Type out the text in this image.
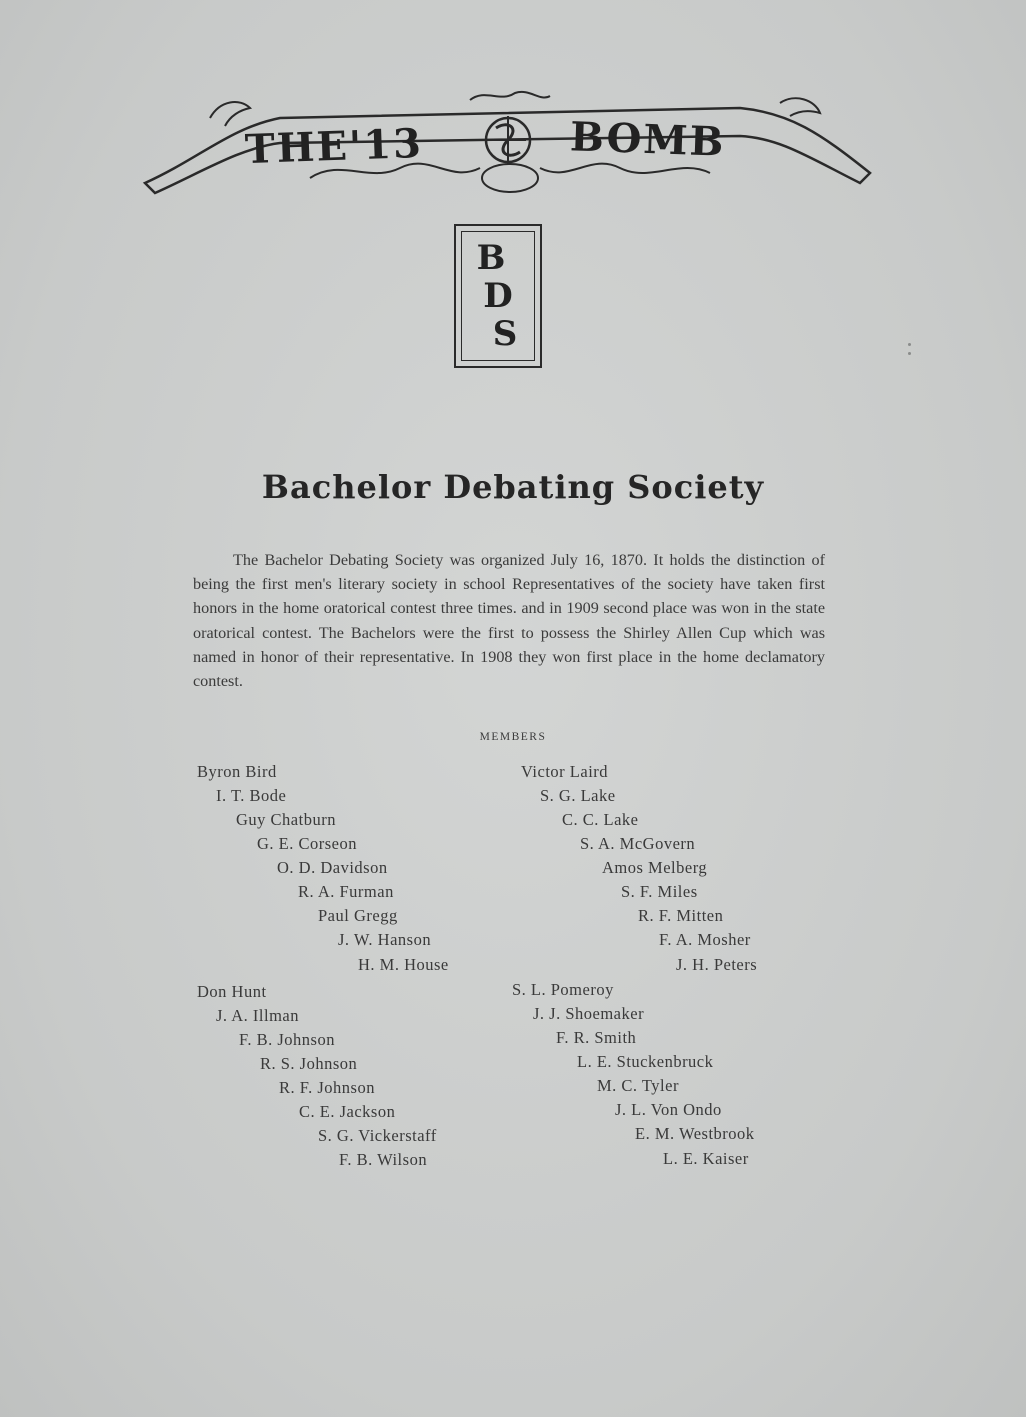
THE'13	BOMB
B
D
S
Bachelor Debating Society
The Bachelor Debating Society was organized July 16, 1870. It holds the distinction of being the first men's literary society in school Representatives of the society have taken first honors in the home oratorical contest three times. and in 1909 second place was won in the state oratorical contest. The Bachelors were the first to possess the Shirley Allen Cup which was named in honor of their representative. In 1908 they won first place in the home declamatory contest.
MEMBERS
Byron Bird
I. T. Bode
Guy Chatburn
G. E. Corseon
O. D. Davidson
R. A. Furman
Paul Gregg
J. W. Hanson
H. M. House
Don Hunt
J. A. Illman
F. B. Johnson
R. S. Johnson
R. F. Johnson
C. E. Jackson
S. G. Vickerstaff
F. B. Wilson
Victor Laird
S. G. Lake
C. C. Lake
S. A. McGovern
Amos Melberg
S. F. Miles
R. F. Mitten
F. A. Mosher
J. H. Peters
S. L. Pomeroy
J. J. Shoemaker
F. R. Smith
L. E. Stuckenbruck
M. C. Tyler
J. L. Von Ondo
E. M. Westbrook
L. E. Kaiser
